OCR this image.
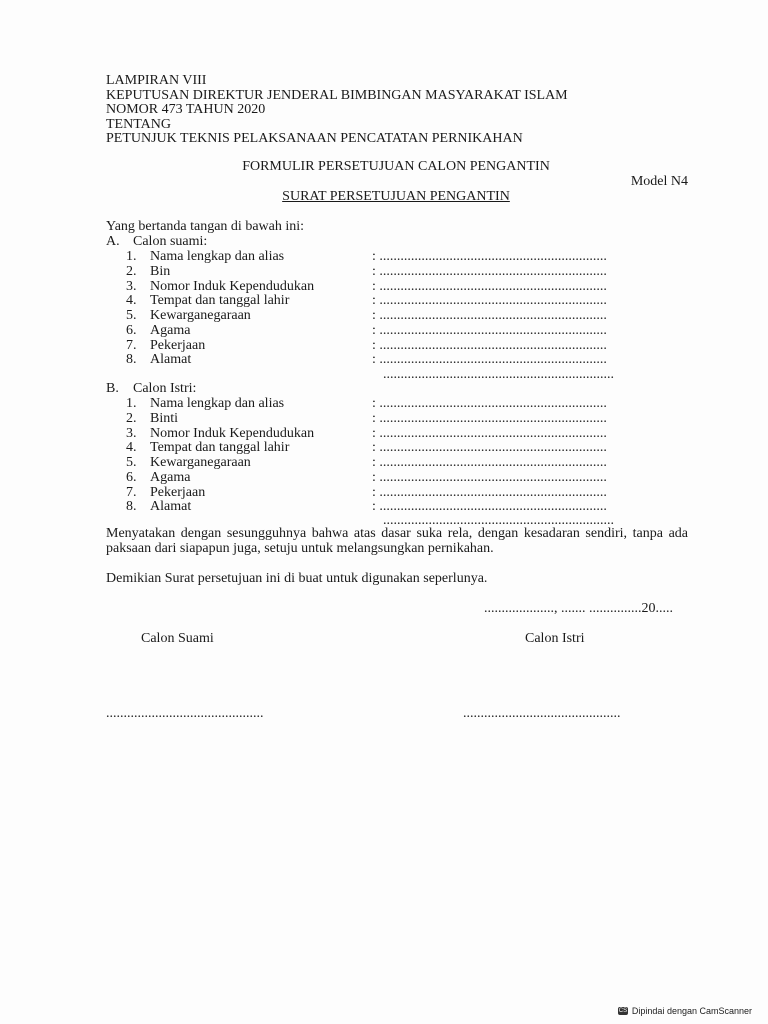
LAMPIRAN VIII
KEPUTUSAN DIREKTUR JENDERAL BIMBINGAN MASYARAKAT ISLAM
NOMOR 473 TAHUN 2020
TENTANG
PETUNJUK TEKNIS PELAKSANAAN PENCATATAN PERNIKAHAN
FORMULIR PERSETUJUAN CALON PENGANTIN
Model N4
SURAT PERSETUJUAN PENGANTIN
Yang bertanda tangan di bawah ini:
A. Calon suami:
1. Nama lengkap dan alias	: .................................................................
2. Bin	: .................................................................
3. Nomor Induk Kependudukan	: .................................................................
4. Tempat dan tanggal lahir	: .................................................................
5. Kewarganegaraan	: .................................................................
6. Agama	: .................................................................
7.Pekerjaan	: .................................................................
8. Alamat	: .................................................................
..................................................................
B. Calon Istri:
1. Nama lengkap dan alias	: .................................................................
2. Binti	: .................................................................
3. Nomor Induk Kependudukan	: .................................................................
4. Tempat dan tanggal lahir	: .................................................................
5. Kewarganegaraan	: .................................................................
6. Agama	: .................................................................
7.Pekerjaan	: .................................................................
8. Alamat	: .................................................................
..................................................................
Menyatakan dengan sesungguhnya bahwa atas dasar suka rela, dengan kesadaran sendiri, tanpa ada paksaan dari siapapun juga, setuju untuk melangsungkan pernikahan.
Demikian Surat persetujuan ini di buat untuk digunakan seperlunya.
...................., ....... ...............20.....
Calon Suami	Calon Istri
.............................................	.............................................
CS Dipindai dengan CamScanner
